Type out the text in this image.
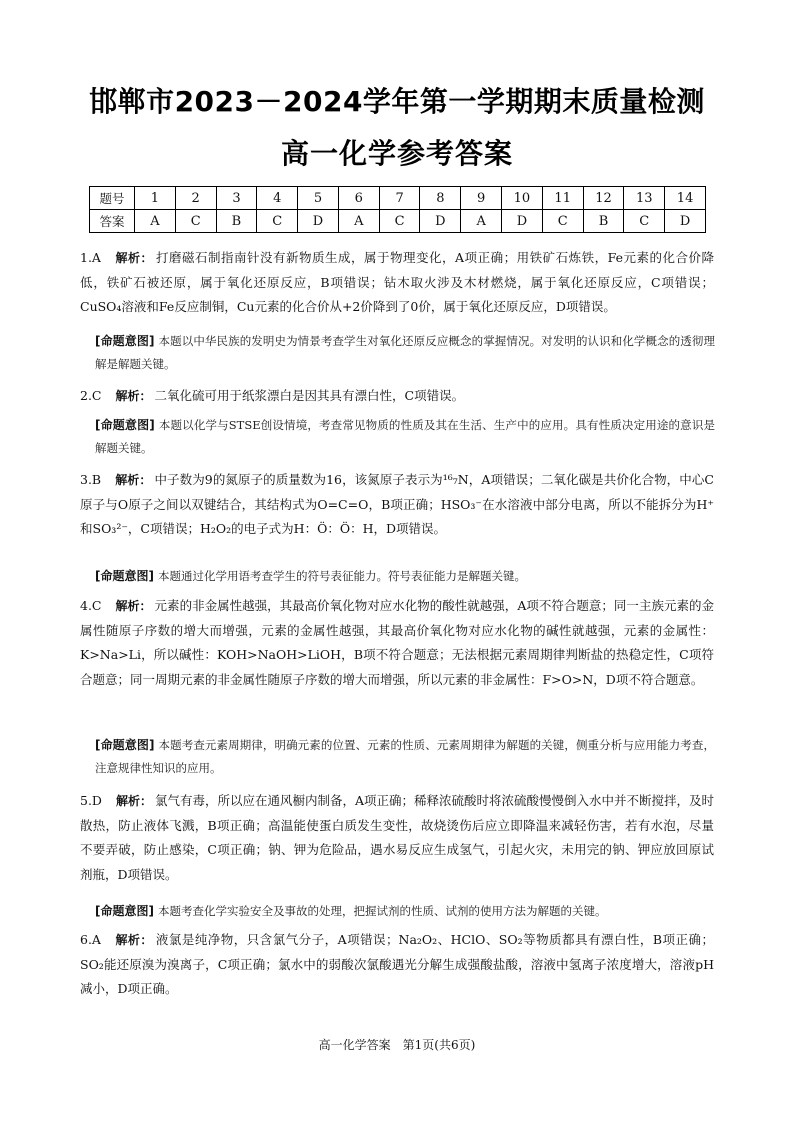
邯郸市2023－2024学年第一学期期末质量检测
高一化学参考答案
题号	1	2	3	4	5	6	7	8	9	10	11	12	13	14
答案	A	C	B	C	D	A	C	D	A	D	C	B	C	D
1.A 解析： 打磨磁石制指南针没有新物质生成，属于物理变化，A项正确；用铁矿石炼铁，Fe元素的化合价降低，铁矿石被还原，属于氧化还原反应，B项错误；钻木取火涉及木材燃烧，属于氧化还原反应，C项错误；CuSO₄溶液和Fe反应制铜，Cu元素的化合价从+2价降到了0价，属于氧化还原反应，D项错误。
[命题意图] 本题以中华民族的发明史为情景考查学生对氧化还原反应概念的掌握情况。对发明的认识和化学概念的透彻理解是解题关键。
2.C 解析： 二氧化硫可用于纸浆漂白是因其具有漂白性，C项错误。
[命题意图] 本题以化学与STSE创设情境，考查常见物质的性质及其在生活、生产中的应用。具有性质决定用途的意识是解题关键。
3.B 解析： 中子数为9的氮原子的质量数为16，该氮原子表示为¹⁶₇N，A项错误；二氧化碳是共价化合物，中心C原子与O原子之间以双键结合，其结构式为O=C=O，B项正确；HSO₃⁻在水溶液中部分电离，所以不能拆分为H⁺和SO₃²⁻，C项错误；H₂O₂的电子式为H：Ö：Ö：H，D项错误。
[命题意图] 本题通过化学用语考查学生的符号表征能力。符号表征能力是解题关键。
4.C 解析： 元素的非金属性越强，其最高价氧化物对应水化物的酸性就越强，A项不符合题意；同一主族元素的金属性随原子序数的增大而增强，元素的金属性越强，其最高价氧化物对应水化物的碱性就越强，元素的金属性：K>Na>Li，所以碱性：KOH>NaOH>LiOH，B项不符合题意；无法根据元素周期律判断盐的热稳定性，C项符合题意；同一周期元素的非金属性随原子序数的增大而增强，所以元素的非金属性：F>O>N，D项不符合题意。
[命题意图] 本题考查元素周期律，明确元素的位置、元素的性质、元素周期律为解题的关键，侧重分析与应用能力考查，注意规律性知识的应用。
5.D 解析： 氯气有毒，所以应在通风橱内制备，A项正确；稀释浓硫酸时将浓硫酸慢慢倒入水中并不断搅拌，及时散热，防止液体飞溅，B项正确；高温能使蛋白质发生变性，故烧烫伤后应立即降温来减轻伤害，若有水泡，尽量不要弄破，防止感染，C项正确；钠、钾为危险品，遇水易反应生成氢气，引起火灾，未用完的钠、钾应放回原试剂瓶，D项错误。
[命题意图] 本题考查化学实验安全及事故的处理，把握试剂的性质、试剂的使用方法为解题的关键。
6.A 解析： 液氯是纯净物，只含氯气分子，A项错误；Na₂O₂、HClO、SO₂等物质都具有漂白性，B项正确；SO₂能还原溴为溴离子，C项正确；氯水中的弱酸次氯酸遇光分解生成强酸盐酸，溶液中氢离子浓度增大，溶液pH减小，D项正确。
高一化学答案　第1页(共6页)
